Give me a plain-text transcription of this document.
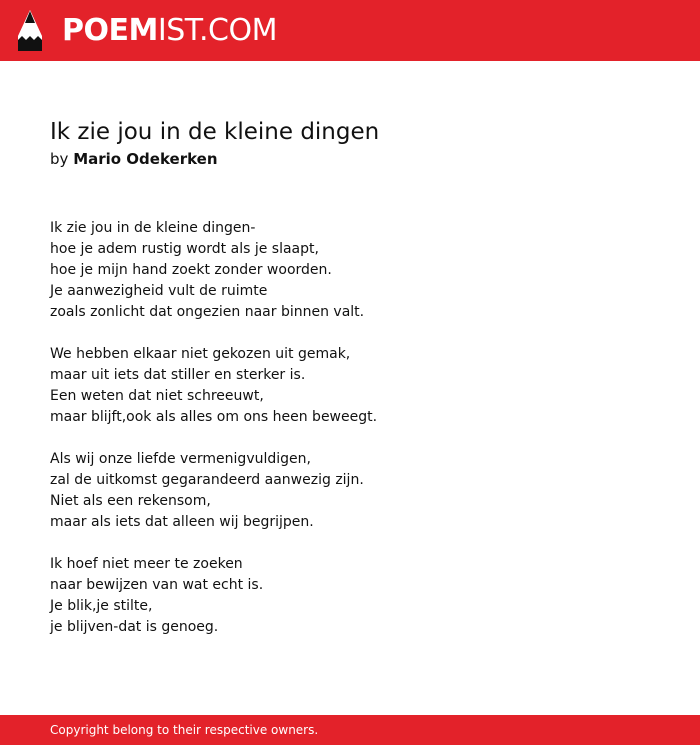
POEMIST.COM
Ik zie jou in de kleine dingen
by Mario Odekerken
Ik zie jou in de kleine dingen-
hoe je adem rustig wordt als je slaapt,
hoe je mijn hand zoekt zonder woorden.
Je aanwezigheid vult de ruimte
zoals zonlicht dat ongezien naar binnen valt.
We hebben elkaar niet gekozen uit gemak,
maar uit iets dat stiller en sterker is.
Een weten dat niet schreeuwt,
maar blijft,ook als alles om ons heen beweegt.
Als wij onze liefde vermenigvuldigen,
zal de uitkomst gegarandeerd aanwezig zijn.
Niet als een rekensom,
maar als iets dat alleen wij begrijpen.
Ik hoef niet meer te zoeken
naar bewijzen van wat echt is.
Je blik,je stilte,
je blijven-dat is genoeg.
Copyright belong to their respective owners.
